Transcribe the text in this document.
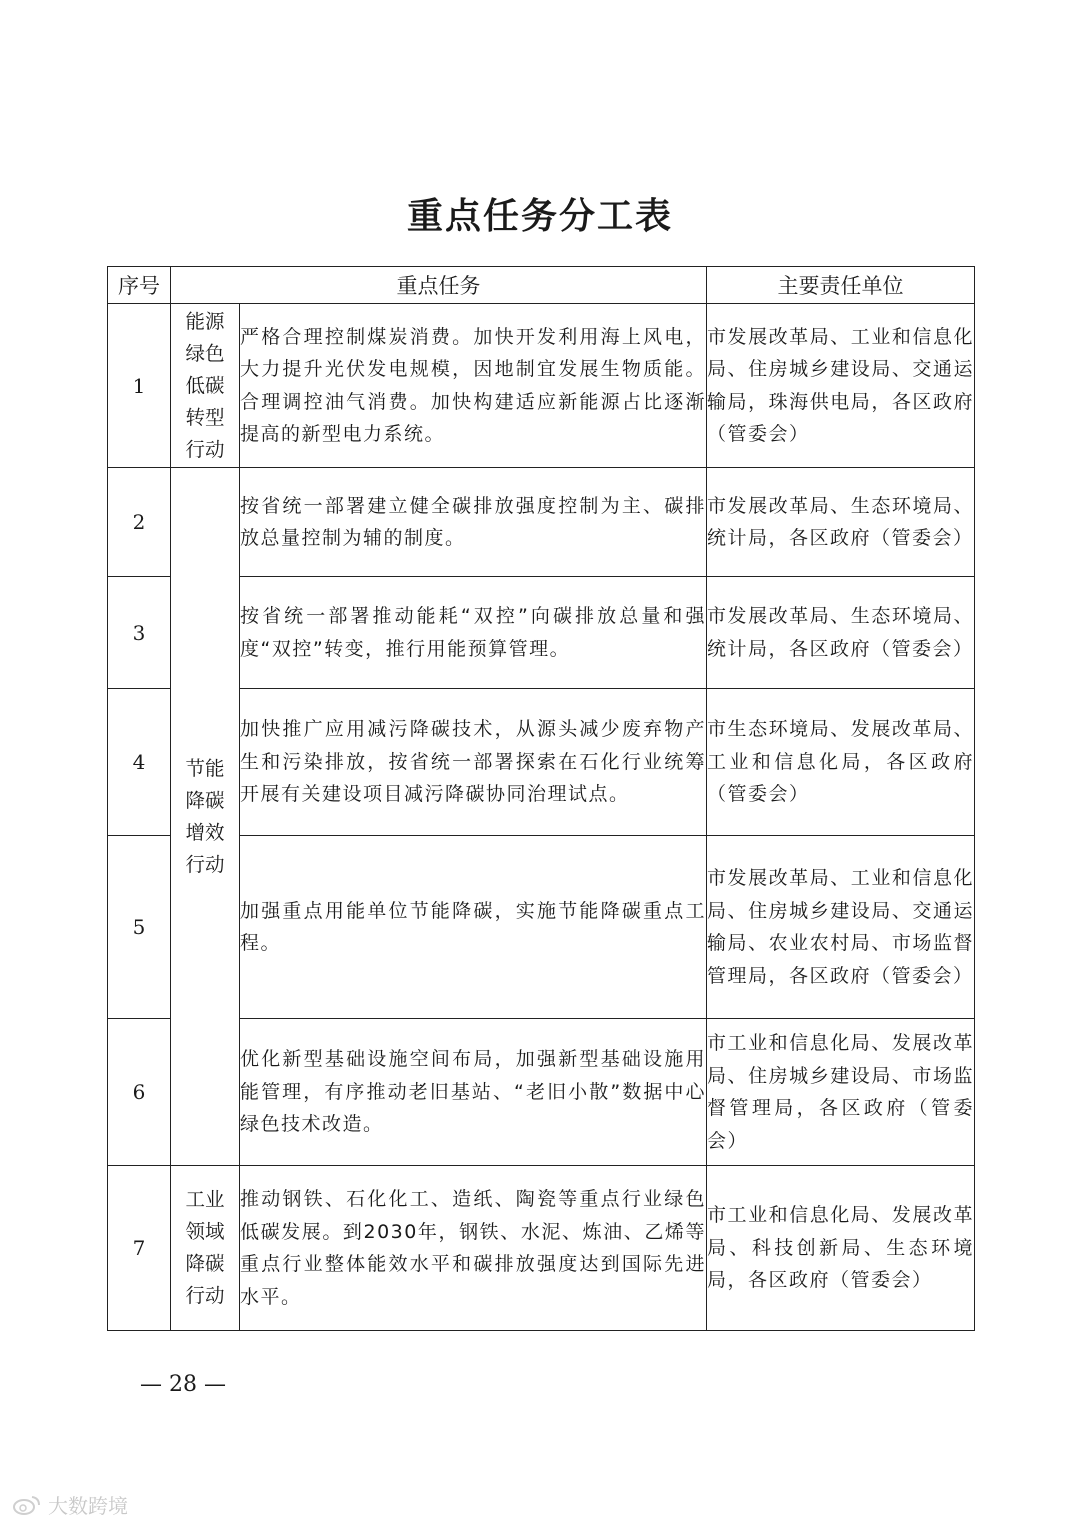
重点任务分工表
序号	重点任务		主要责任单位
1	能源绿色低碳转型行动	严格合理控制煤炭消费。加快开发利用海上风电，大力提升光伏发电规模，因地制宜发展生物质能。合理调控油气消费。加快构建适应新能源占比逐渐提高的新型电力系统。	市发展改革局、工业和信息化局、住房城乡建设局、交通运输局，珠海供电局，各区政府（管委会）
2	节能降碳增效行动	按省统一部署建立健全碳排放强度控制为主、碳排放总量控制为辅的制度。	市发展改革局、生态环境局、统计局，各区政府（管委会）
3		按省统一部署推动能耗“双控”向碳排放总量和强度“双控”转变，推行用能预算管理。	市发展改革局、生态环境局、统计局，各区政府（管委会）
4		加快推广应用减污降碳技术，从源头减少废弃物产生和污染排放，按省统一部署探索在石化行业统筹开展有关建设项目减污降碳协同治理试点。	市生态环境局、发展改革局、工业和信息化局，各区政府（管委会）
5		加强重点用能单位节能降碳，实施节能降碳重点工程。	市发展改革局、工业和信息化局、住房城乡建设局、交通运输局、农业农村局、市场监督管理局，各区政府（管委会）
6		优化新型基础设施空间布局，加强新型基础设施用能管理，有序推动老旧基站、“老旧小散”数据中心绿色技术改造。	市工业和信息化局、发展改革局、住房城乡建设局、市场监督管理局，各区政府（管委会）
7	工业领域降碳行动	推动钢铁、石化化工、造纸、陶瓷等重点行业绿色低碳发展。到2030年，钢铁、水泥、炼油、乙烯等重点行业整体能效水平和碳排放强度达到国际先进水平。	市工业和信息化局、发展改革局、科技创新局、生态环境局，各区政府（管委会）
— 28 —
大数跨境
